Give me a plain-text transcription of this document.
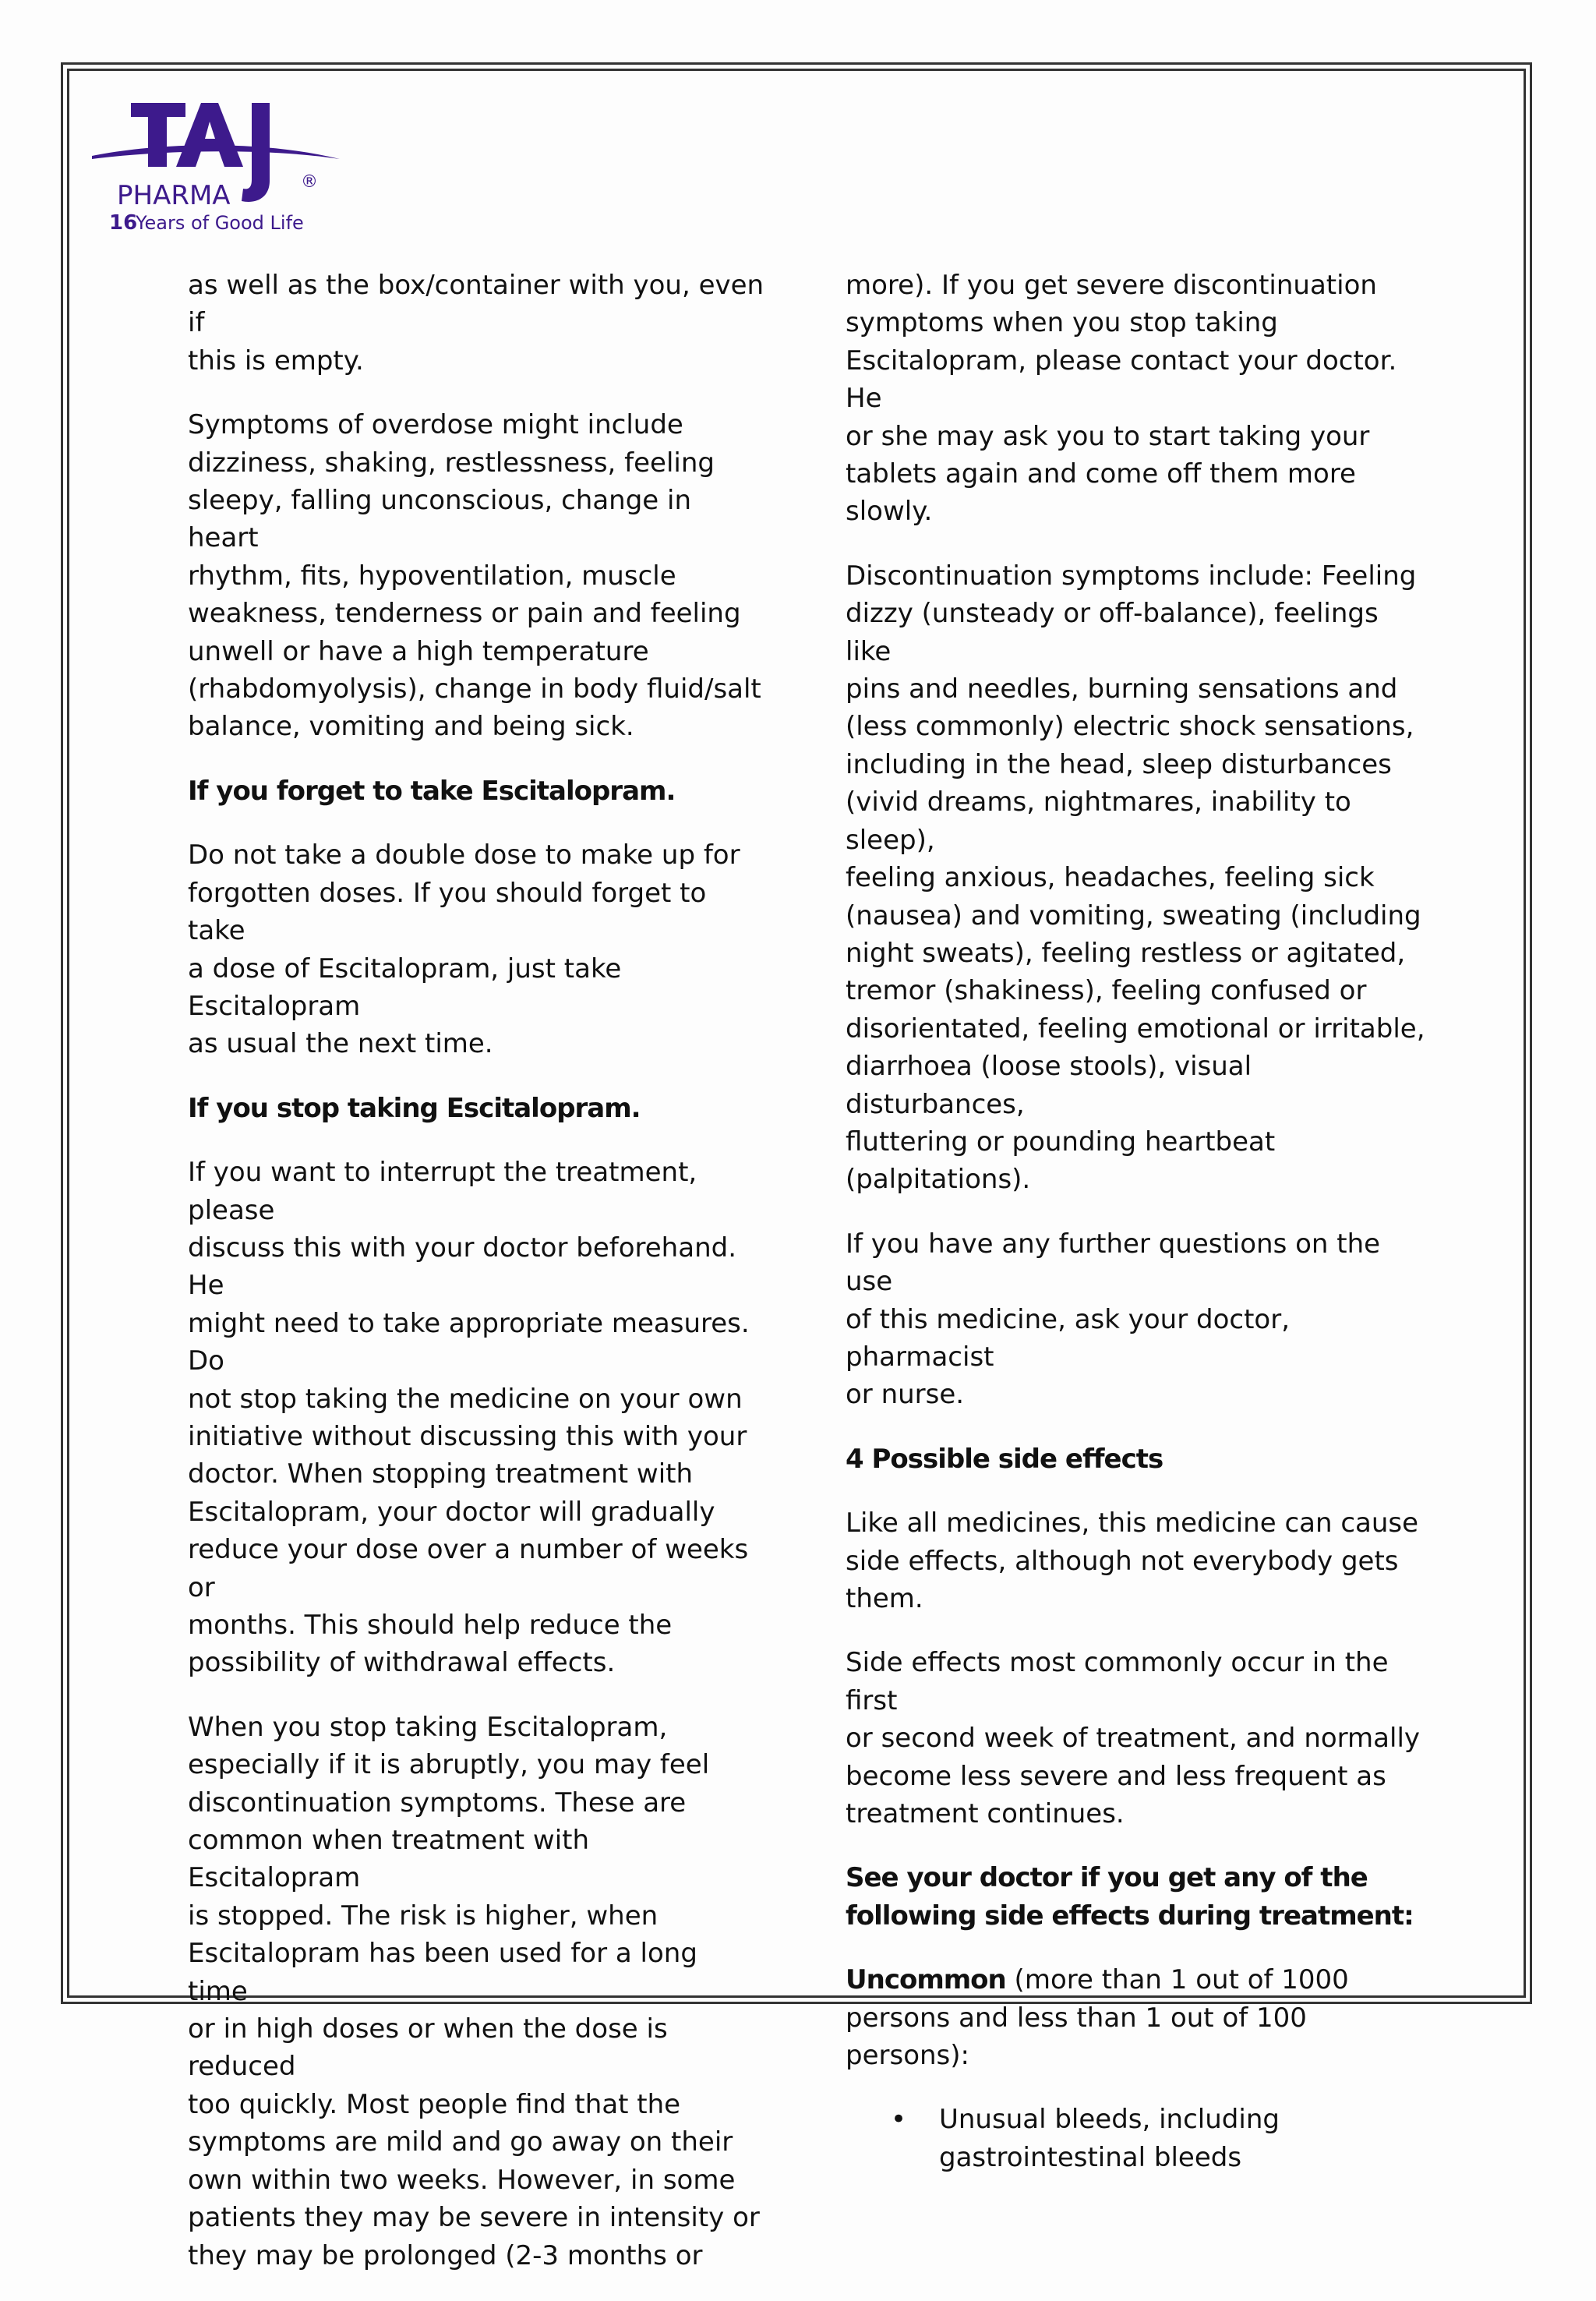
®
PHARMA
16
Years of Good Life

as well as the box/container with you, even if
this is empty.

Symptoms of overdose might include
dizziness, shaking, restlessness, feeling
sleepy, falling unconscious, change in heart
rhythm, fits, hypoventilation, muscle
weakness, tenderness or pain and feeling
unwell or have a high temperature
(rhabdomyolysis), change in body fluid/salt
balance, vomiting and being sick.

If you forget to take Escitalopram.

Do not take a double dose to make up for
forgotten doses. If you should forget to take
a dose of Escitalopram, just take Escitalopram
as usual the next time.

If you stop taking Escitalopram.

If you want to interrupt the treatment, please
discuss this with your doctor beforehand. He
might need to take appropriate measures. Do
not stop taking the medicine on your own
initiative without discussing this with your
doctor. When stopping treatment with
Escitalopram, your doctor will gradually
reduce your dose over a number of weeks or
months. This should help reduce the
possibility of withdrawal effects.

When you stop taking Escitalopram,
especially if it is abruptly, you may feel
discontinuation symptoms. These are
common when treatment with Escitalopram
is stopped. The risk is higher, when
Escitalopram has been used for a long time
or in high doses or when the dose is reduced
too quickly. Most people find that the
symptoms are mild and go away on their
own within two weeks. However, in some
patients they may be severe in intensity or
they may be prolonged (2-3 months or

more). If you get severe discontinuation
symptoms when you stop taking
Escitalopram, please contact your doctor. He
or she may ask you to start taking your
tablets again and come off them more slowly.

Discontinuation symptoms include: Feeling
dizzy (unsteady or off-balance), feelings like
pins and needles, burning sensations and
(less commonly) electric shock sensations,
including in the head, sleep disturbances
(vivid dreams, nightmares, inability to sleep),
feeling anxious, headaches, feeling sick
(nausea) and vomiting, sweating (including
night sweats), feeling restless or agitated,
tremor (shakiness), feeling confused or
disorientated, feeling emotional or irritable,
diarrhoea (loose stools), visual disturbances,
fluttering or pounding heartbeat
(palpitations).

If you have any further questions on the use
of this medicine, ask your doctor, pharmacist
or nurse.

4 Possible side effects

Like all medicines, this medicine can cause
side effects, although not everybody gets
them.

Side effects most commonly occur in the first
or second week of treatment, and normally
become less severe and less frequent as
treatment continues.

See your doctor if you get any of the
following side effects during treatment:

Uncommon (more than 1 out of 1000
persons and less than 1 out of 100 persons):

• Unusual bleeds, including
gastrointestinal bleeds
